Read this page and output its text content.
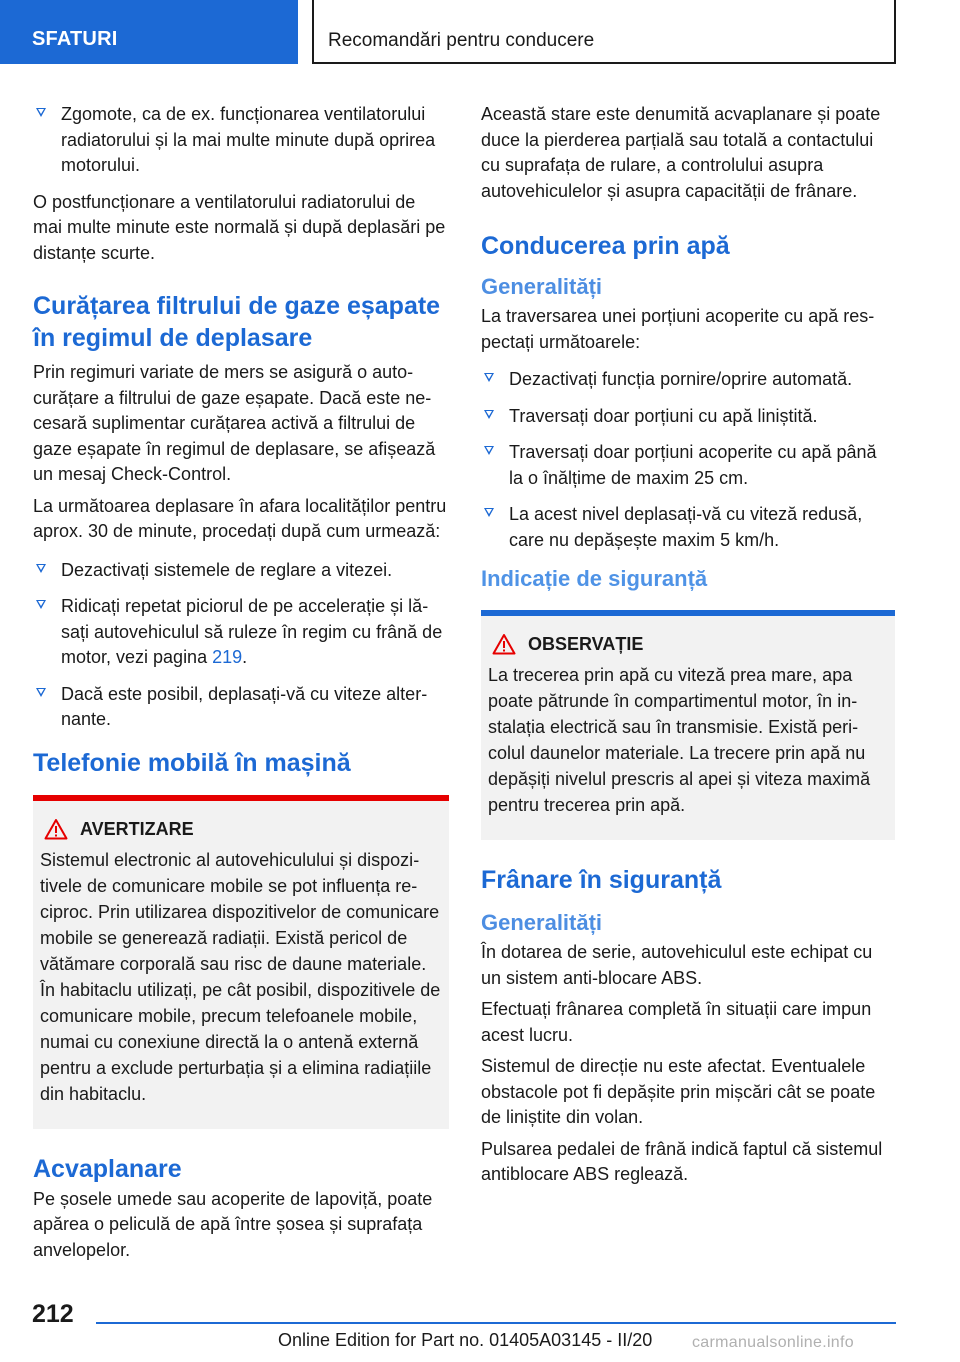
SFATURI	Recomandări pentru conducere
Zgomote, ca de ex. funcționarea ventilatorului radiatorului și la mai multe minute după oprirea motorului.

O postfuncționare a ventilatorului radiatorului de mai multe minute este normală și după deplasări pe distanțe scurte.

Curățarea filtrului de gaze eșapate în regimul de deplasare

Prin regimuri variate de mers se asigură o autocurățare a filtrului de gaze eșapate. Dacă este necesară suplimentar curățarea activă a filtrului de gaze eșapate în regimul de deplasare, se afișează un mesaj Check-Control.

La următoarea deplasare în afara localităților pentru aprox. 30 de minute, procedați după cum urmează:

Dezactivați sistemele de reglare a vitezei.
Ridicați repetat piciorul de pe accelerație și lăsați autovehiculul să ruleze în regim cu frână de motor, vezi pagina 219.
Dacă este posibil, deplasați-vă cu viteze alternante.
Telefonie mobilă în mașină
AVERTIZARE

Sistemul electronic al autovehiculului și dispozitivele de comunicare mobile se pot influența reciproc. Prin utilizarea dispozitivelor de comunicare mobile se generează radiații. Există pericol de vătămare corporală sau risc de daune materiale. În habitaclu utilizați, pe cât posibil, dispozitivele de comunicare mobile, precum telefoanele mobile, numai cu conexiune directă la o antenă externă pentru a exclude perturbația și a elimina radiațiile din habitaclu.

Acvaplanare

Pe șosele umede sau acoperite de lapoviță, poate apărea o peliculă de apă între șosea și suprafața anvelopelor.

Această stare este denumită acvaplanare și poate duce la pierderea parțială sau totală a contactului cu suprafața de rulare, a controlului asupra autovehiculelor și asupra capacității de frânare.

Conducerea prin apă
Generalități

La traversarea unei porțiuni acoperite cu apă respectați următoarele:

Dezactivați funcția pornire/oprire automată.
Traversați doar porțiuni cu apă liniștită.
Traversați doar porțiuni acoperite cu apă până la o înălțime de maxim 25 cm.
La acest nivel deplasați-vă cu viteză redusă, care nu depășește maxim 5 km/h.
Indicație de siguranță
OBSERVAȚIE

La trecerea prin apă cu viteză prea mare, apa poate pătrunde în compartimentul motor, în instalația electrică sau în transmisie. Există pericolul daunelor materiale. La trecere prin apă nu depășiți nivelul prescris al apei și viteza maximă pentru trecerea prin apă.

Frânare în siguranță
Generalități

În dotarea de serie, autovehiculul este echipat cu un sistem anti-blocare ABS.

Efectuați frânarea completă în situații care impun acest lucru.

Sistemul de direcție nu este afectat. Eventualele obstacole pot fi depășite prin mișcări cât se poate de liniștite din volan.

Pulsarea pedalei de frână indică faptul că sistemul antiblocare ABS reglează.

212
Online Edition for Part no. 01405A03145 - II/20 carmanualsonline.info
